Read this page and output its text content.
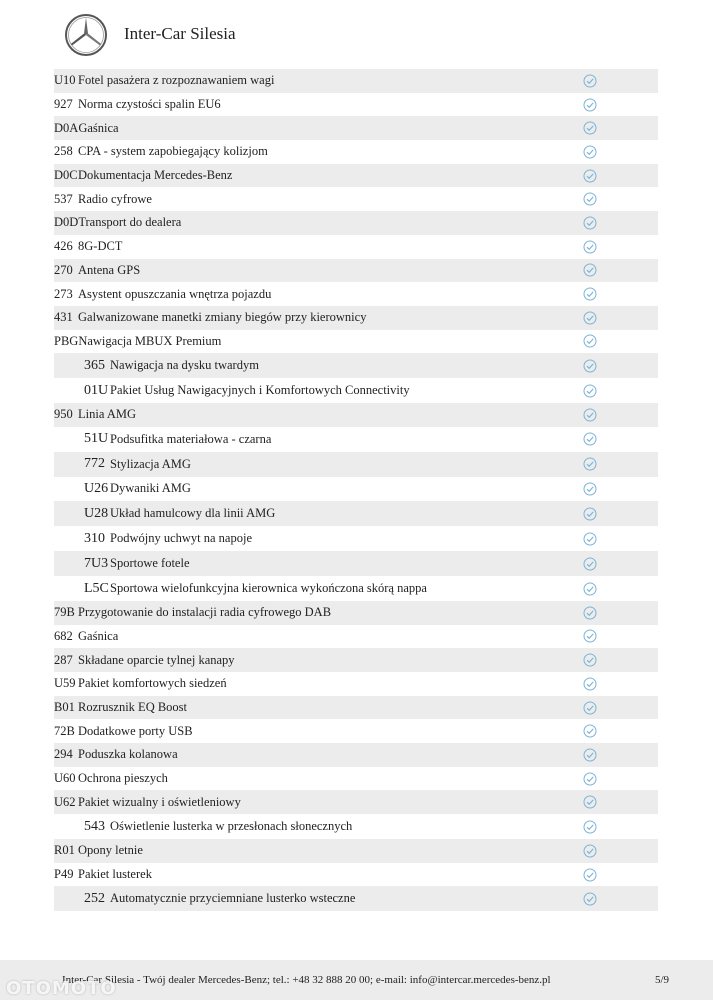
Inter-Car Silesia
U10 Fotel pasażera z rozpoznawaniem wagi
927 Norma czystości spalin EU6
D0A Gaśnica
258 CPA - system zapobiegający kolizjom
D0C Dokumentacja Mercedes-Benz
537 Radio cyfrowe
D0D Transport do dealera
426 8G-DCT
270 Antena GPS
273 Asystent opuszczania wnętrza pojazdu
431 Galwanizowane manetki zmiany biegów przy kierownicy
PBG Nawigacja MBUX Premium
365 Nawigacja na dysku twardym
01U Pakiet Usług Nawigacyjnych i Komfortowych Connectivity
950 Linia AMG
51U Podsufitka materiałowa - czarna
772 Stylizacja AMG
U26 Dywaniki AMG
U28 Układ hamulcowy dla linii AMG
310 Podwójny uchwyt na napoje
7U3 Sportowe fotele
L5C Sportowa wielofunkcyjna kierownica wykończona skórą nappa
79B Przygotowanie do instalacji radia cyfrowego DAB
682 Gaśnica
287 Składane oparcie tylnej kanapy
U59 Pakiet komfortowych siedzeń
B01 Rozrusznik EQ Boost
72B Dodatkowe porty USB
294 Poduszka kolanowa
U60 Ochrona pieszych
U62 Pakiet wizualny i oświetleniowy
543 Oświetlenie lusterka w przesłonach słonecznych
R01 Opony letnie
P49 Pakiet lusterek
252 Automatycznie przyciemniane lusterko wsteczne
Inter-Car Silesia - Twój dealer Mercedes-Benz; tel.: +48 32 888 20 00; e-mail: info@intercar.mercedes-benz.pl	5/9
OTOMOTO
